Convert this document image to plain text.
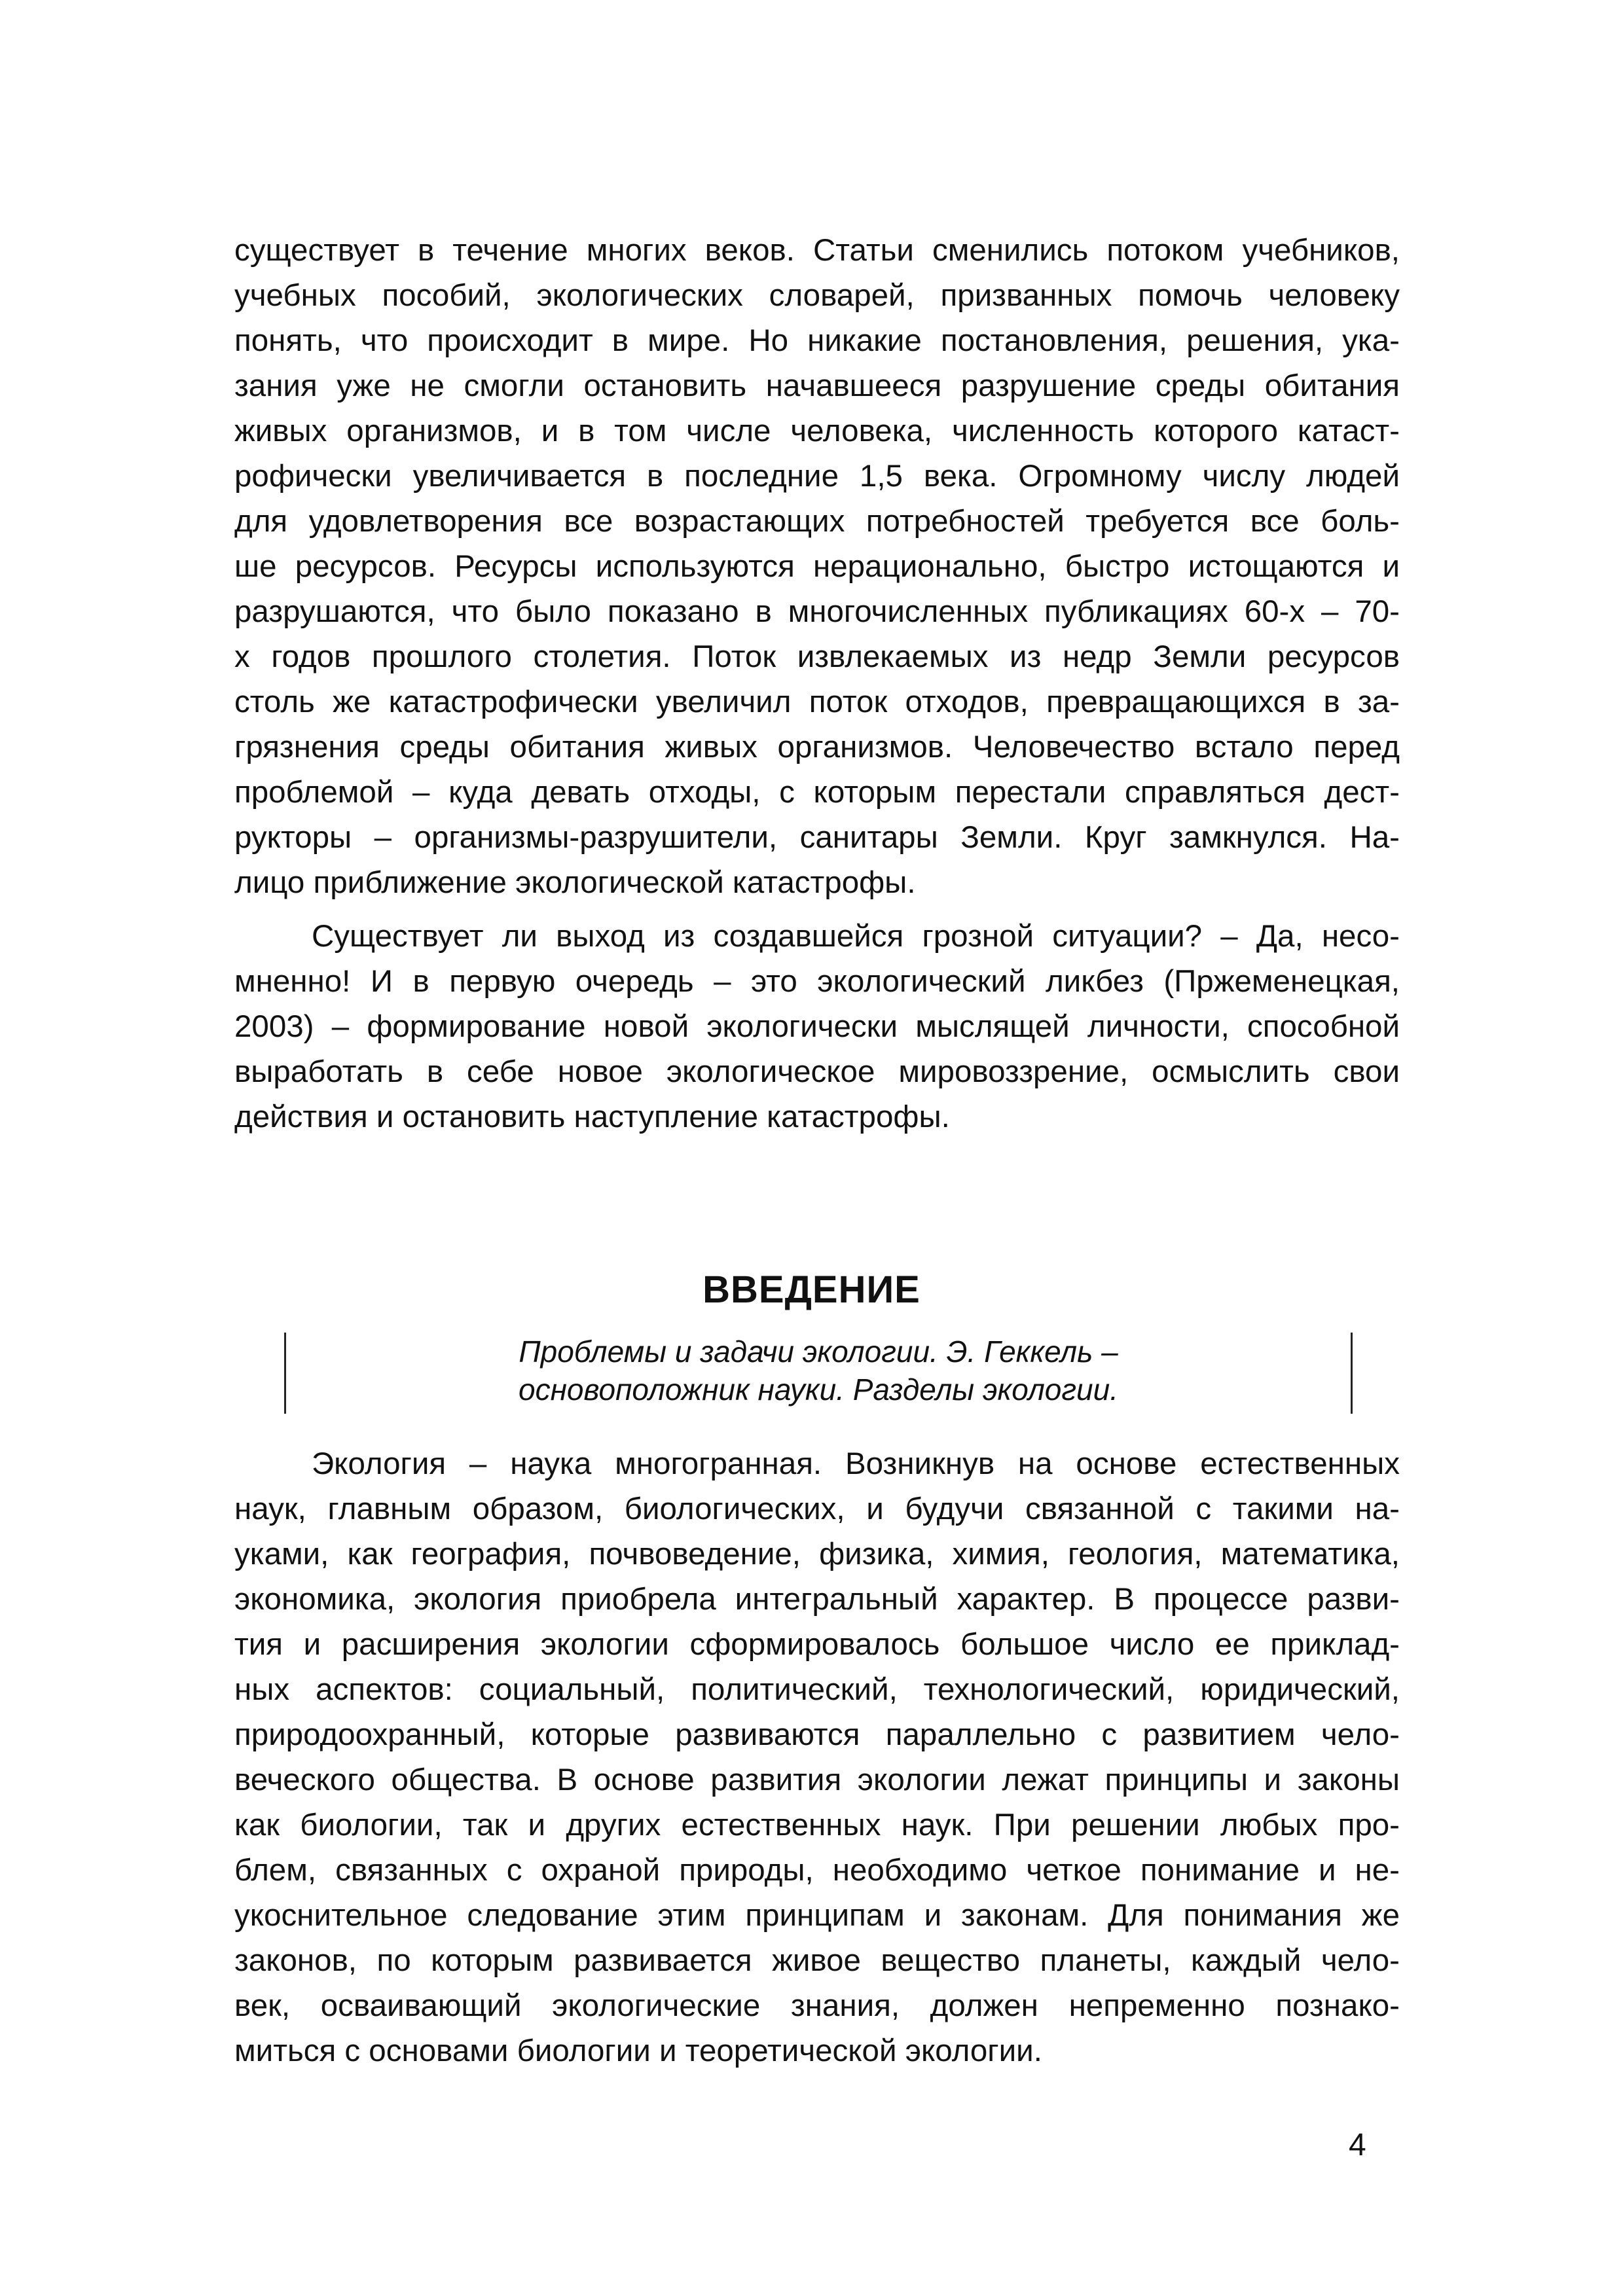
существует в течение многих веков. Статьи сменились потоком учебников,
учебных пособий, экологических словарей, призванных помочь человеку
понять, что происходит в мире. Но никакие постановления, решения, ука-
зания уже не смогли остановить начавшееся разрушение среды обитания
живых организмов, и в том числе человека, численность которого катаст-
рофически увеличивается в последние 1,5 века. Огромному числу людей
для удовлетворения все возрастающих потребностей требуется все боль-
ше ресурсов. Ресурсы используются нерационально, быстро истощаются и
разрушаются, что было показано в многочисленных публикациях 60-х – 70-
х годов прошлого столетия. Поток извлекаемых из недр Земли ресурсов
столь же катастрофически увеличил поток отходов, превращающихся в за-
грязнения среды обитания живых организмов. Человечество встало перед
проблемой – куда девать отходы, с которым перестали справляться дест-
рукторы – организмы-разрушители, санитары Земли. Круг замкнулся. На-
лицо приближение экологической катастрофы.
Существует ли выход из создавшейся грозной ситуации? – Да, несо-
мненно! И в первую очередь – это экологический ликбез (Пржеменецкая,
2003) – формирование новой экологически мыслящей личности, способной
выработать в себе новое экологическое мировоззрение, осмыслить свои
действия и остановить наступление катастрофы.
ВВЕДЕНИЕ
Проблемы и задачи экологии. Э. Геккель –
основоположник науки. Разделы экологии.
Экология – наука многогранная. Возникнув на основе естественных
наук, главным образом, биологических, и будучи связанной с такими на-
уками, как география, почвоведение, физика, химия, геология, математика,
экономика, экология приобрела интегральный характер. В процессе разви-
тия и расширения экологии сформировалось большое число ее приклад-
ных аспектов: социальный, политический, технологический, юридический,
природоохранный, которые развиваются параллельно с развитием чело-
веческого общества. В основе развития экологии лежат принципы и законы
как биологии, так и других естественных наук. При решении любых про-
блем, связанных с охраной природы, необходимо четкое понимание и не-
укоснительное следование этим принципам и законам. Для понимания же
законов, по которым развивается живое вещество планеты, каждый чело-
век, осваивающий экологические знания, должен непременно познако-
миться с основами биологии и теоретической экологии.
4
